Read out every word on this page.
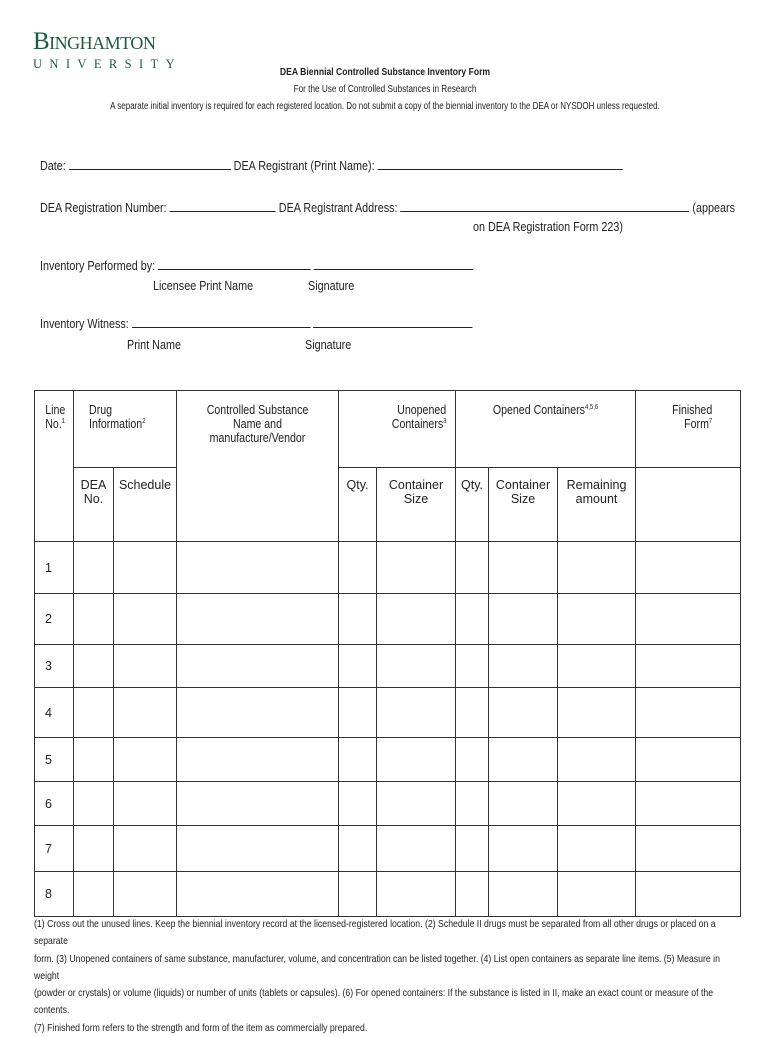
Binghamton
UNIVERSITY
DEA Biennial Controlled Substance Inventory Form
For the Use of Controlled Substances in Research
A separate initial inventory is required for each registered location. Do not submit a copy of the biennial inventory to the DEA or NYSDOH unless requested.
Date:	DEA Registrant (Print Name):
DEA Registration Number:	DEA Registrant Address:	(appears
on DEA Registration Form 223)
Inventory Performed by:
Licensee Print Name	Signature
Inventory Witness:
Print Name	Signature
Line No.$^1$	Drug Information$^2$		Controlled Substance Name and manufacture/Vendor	Unopened Containers$^3$		Opened Containers$^{4,5,6}$			Finished Form$^7$

	DEA No.	Schedule		Qty.	Container Size	Qty.	Container Size	Remaining amount	
1									
2									
3									
4									
5									
6									
7									
8									
(1) Cross out the unused lines. Keep the biennial inventory record at the licensed-registered location. (2) Schedule II drugs must be separated from all other drugs or placed on a separate
form. (3) Unopened containers of same substance, manufacturer, volume, and concentration can be listed together. (4) List open containers as separate line items. (5) Measure in weight
(powder or crystals) or volume (liquids) or number of units (tablets or capsules). (6) For opened containers: If the substance is listed in II, make an exact count or measure of the contents.
(7) Finished form refers to the strength and form of the item as commercially prepared.
